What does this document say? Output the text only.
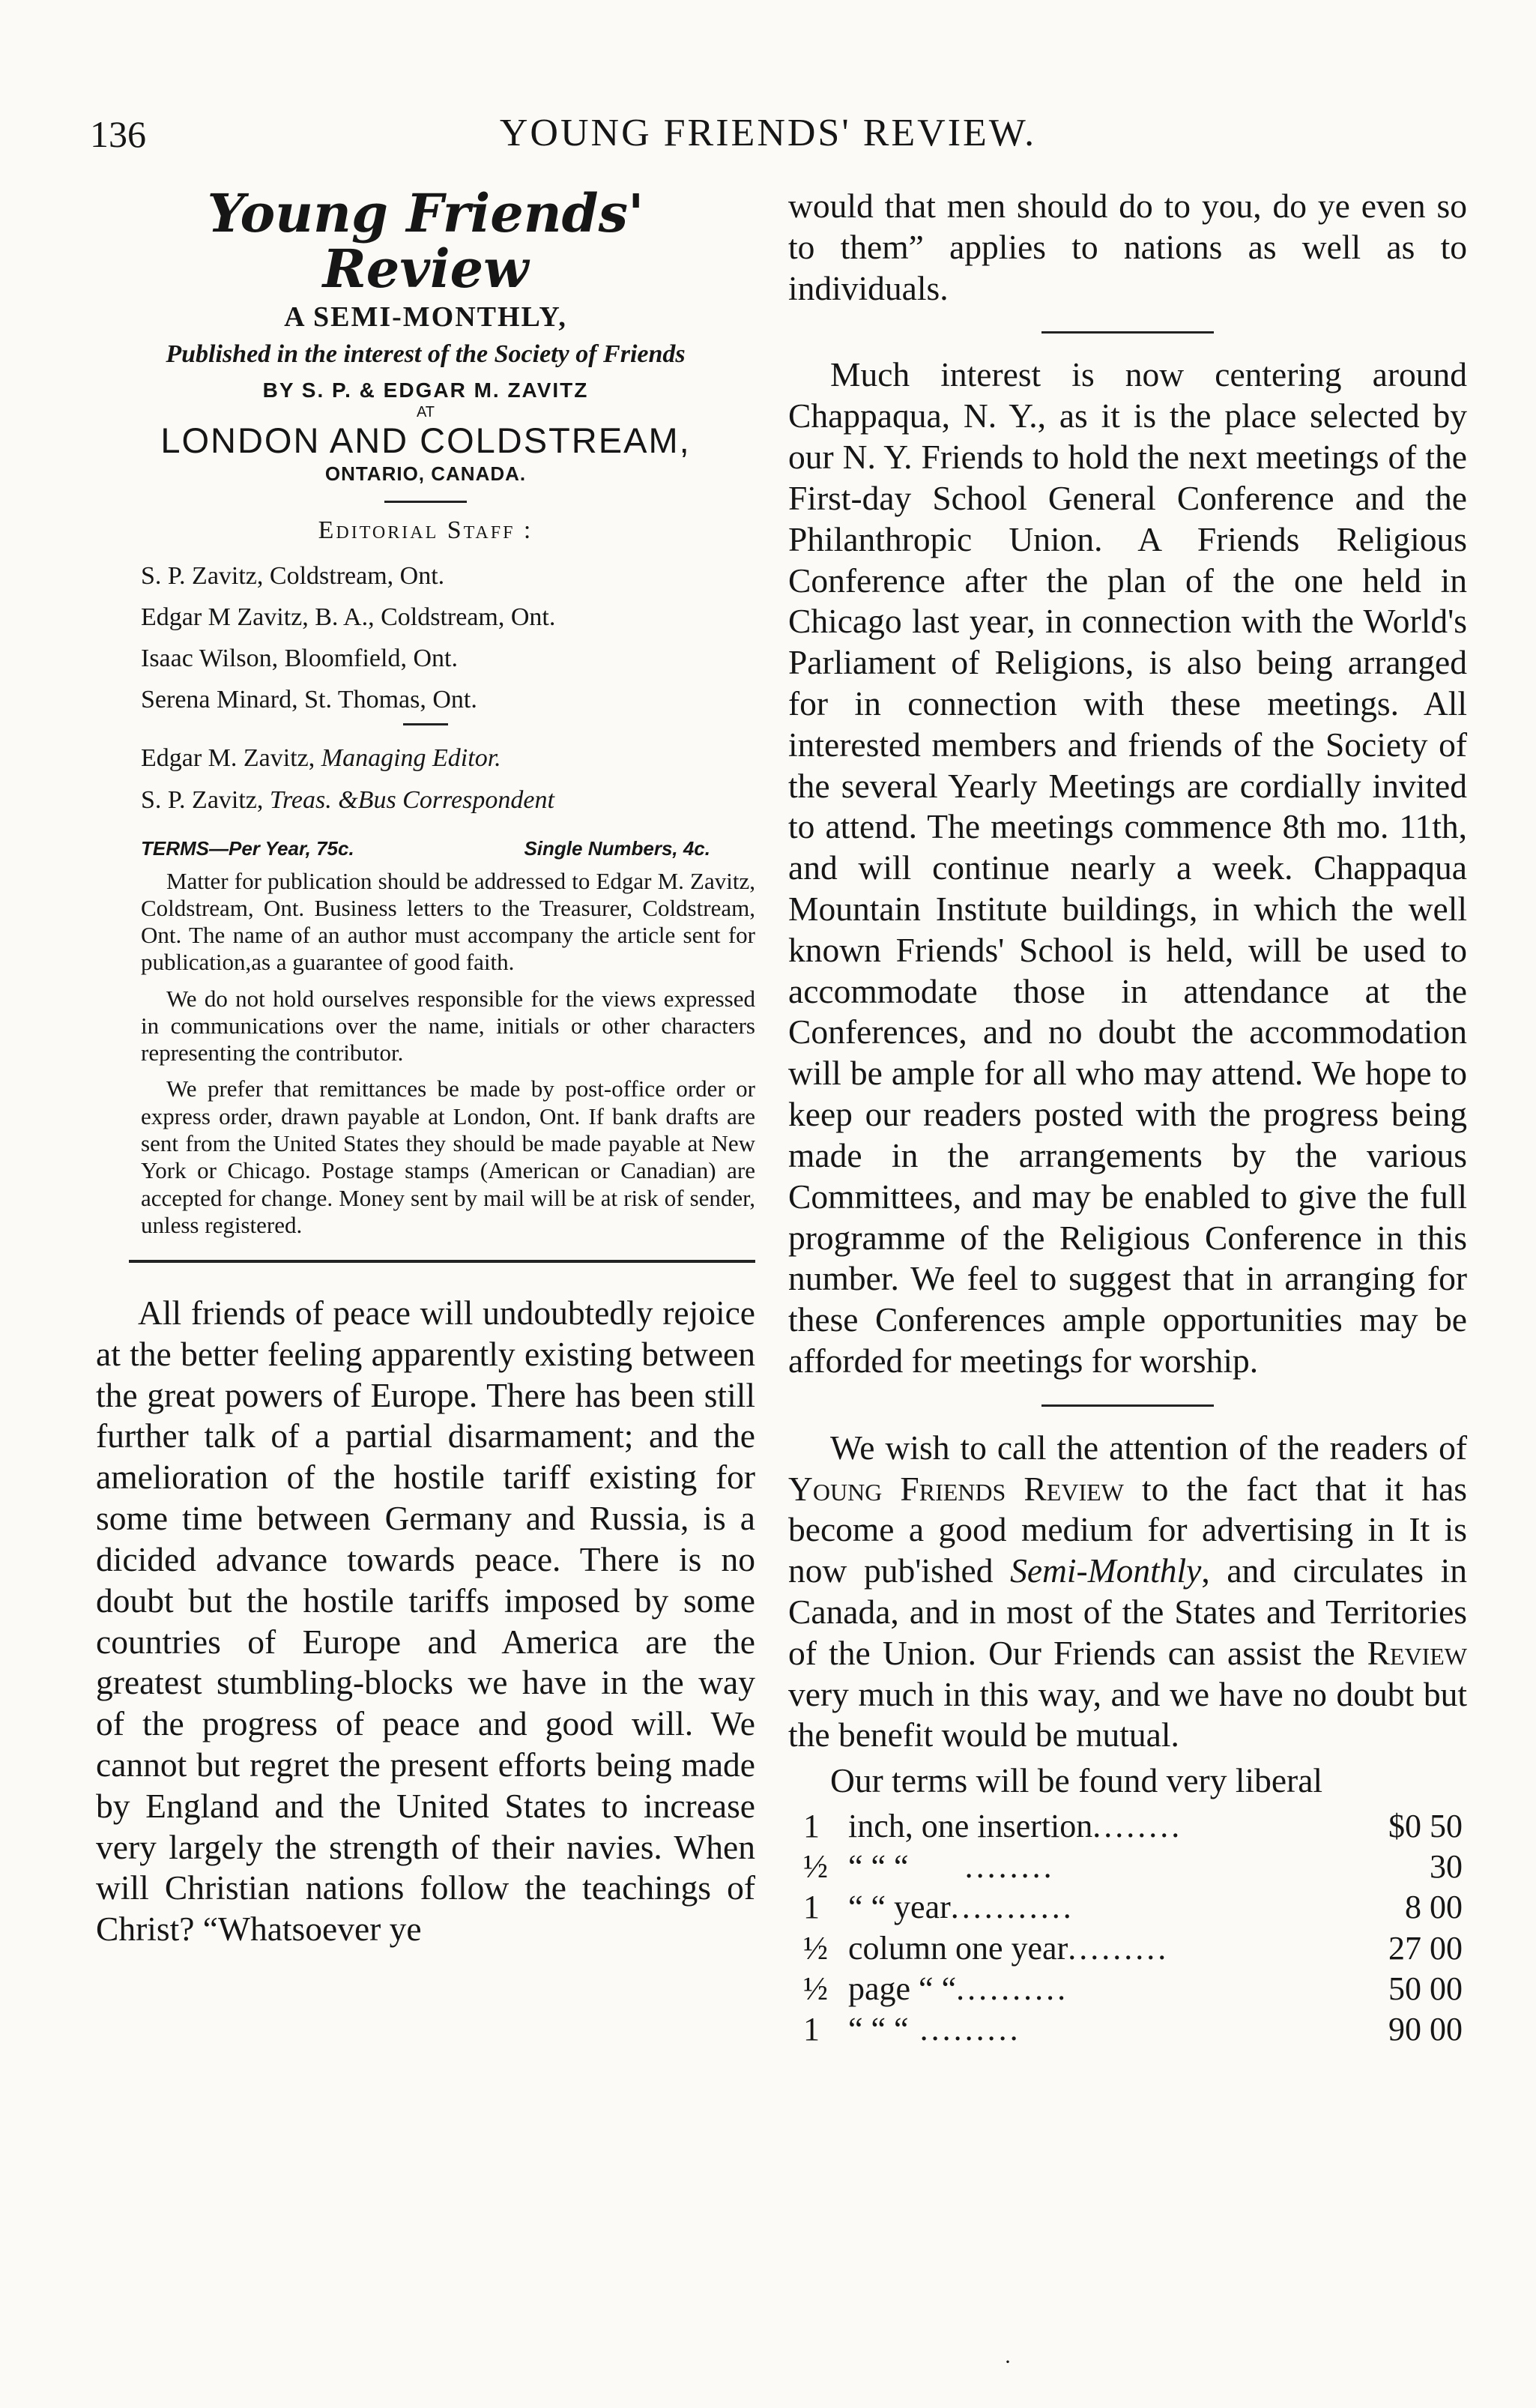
136	YOUNG FRIENDS' REVIEW.
Young Friends' Review
A SEMI-MONTHLY,
Published in the interest of the Society of Friends
BY S. P. & EDGAR M. ZAVITZ
AT
LONDON AND COLDSTREAM,
ONTARIO, CANADA.
Editorial Staff :
S. P. Zavitz, Coldstream, Ont.
Edgar M Zavitz, B. A., Coldstream, Ont.
Isaac Wilson, Bloomfield, Ont.
Serena Minard, St. Thomas, Ont.
Edgar M. Zavitz, Managing Editor.
S. P. Zavitz, Treas. &Bus Correspondent
TERMS—Per Year, 75c.	Single Numbers, 4c.

Matter for publication should be addressed to Edgar M. Zavitz, Coldstream, Ont. Business letters to the Treasurer, Coldstream, Ont. The name of an author must accompany the article sent for publication,as a guarantee of good faith.

We do not hold ourselves responsible for the views expressed in communications over the name, initials or other characters representing the contributor.

We prefer that remittances be made by post-office order or express order, drawn payable at London, Ont. If bank drafts are sent from the United States they should be made payable at New York or Chicago. Postage stamps (American or Canadian) are accepted for change. Money sent by mail will be at risk of sender, unless registered.

All friends of peace will undoubtedly rejoice at the better feeling apparently existing between the great powers of Europe. There has been still further talk of a partial disarmament; and the amelioration of the hostile tariff existing for some time between Germany and Russia, is a dicided advance towards peace. There is no doubt but the hostile tariffs imposed by some countries of Europe and America are the greatest stumbling-blocks we have in the way of the progress of peace and good will. We cannot but regret the present efforts being made by England and the United States to increase very largely the strength of their navies. When will Christian nations follow the teachings of Christ? “Whatsoever ye

would that men should do to you, do ye even so to them” applies to nations as well as to individuals.

Much interest is now centering around Chappaqua, N. Y., as it is the place selected by our N. Y. Friends to hold the next meetings of the First-day School General Conference and the Philanthropic Union. A Friends Religious Conference after the plan of the one held in Chicago last year, in connection with the World's Parliament of Religions, is also being arranged for in connection with these meetings. All interested members and friends of the Society of the several Yearly Meetings are cordially invited to attend. The meetings commence 8th mo. 11th, and will continue nearly a week. Chappaqua Mountain Institute buildings, in which the well known Friends' School is held, will be used to accommodate those in attendance at the Conferences, and no doubt the accommodation will be ample for all who may attend. We hope to keep our readers posted with the progress being made in the arrangements by the various Committees, and may be enabled to give the full programme of the Religious Conference in this number. We feel to suggest that in arranging for these Conferences ample opportunities may be afforded for meetings for worship.

We wish to call the attention of the readers of Young Friends Review to the fact that it has become a good medium for advertising in It is now pub'ished Semi-Monthly, and circulates in Canada, and in most of the States and Territories of the Union. Our Friends can assist the Review very much in this way, and we have no doubt but the benefit would be mutual.

Our terms will be found very liberal

1	inch, one insertion........	$0 50
½	“ “ “     ........	30
1	“ “ year...........	8 00
½	column one year.........	27 00
½	page “ “..........	50 00
1	“ “ “ .........	90 00
·
